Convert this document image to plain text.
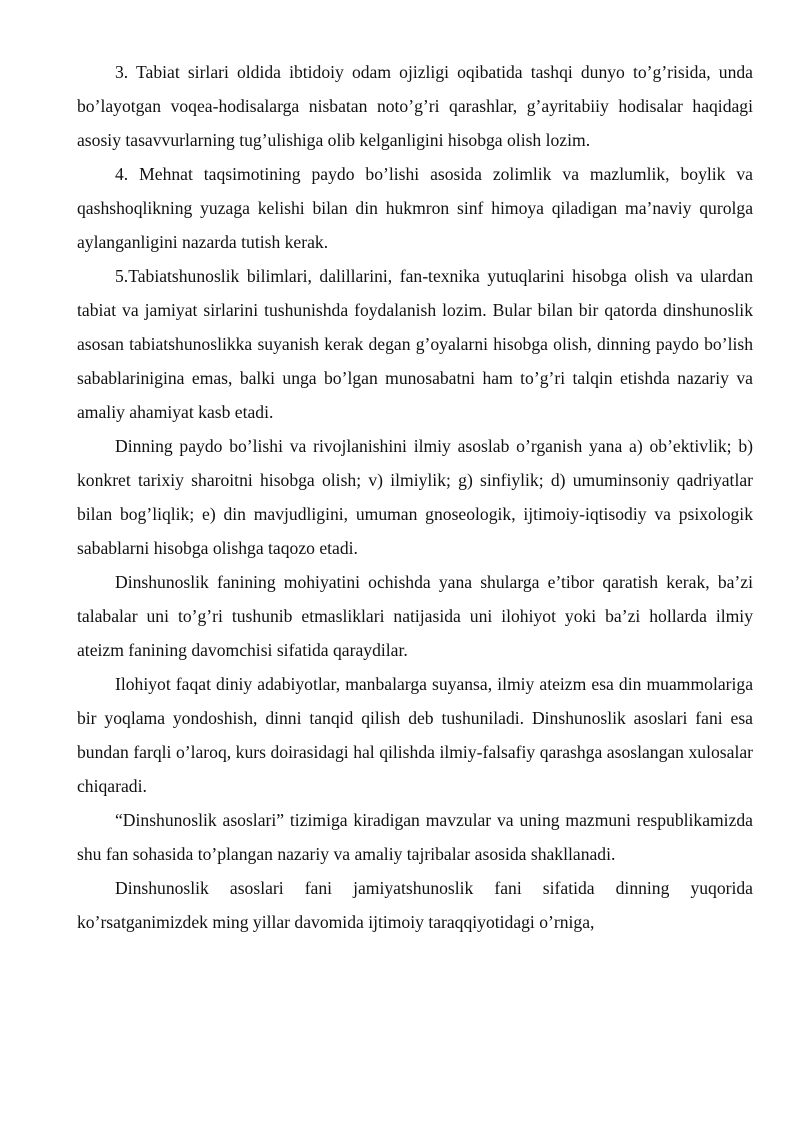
3. Tabiat sirlari oldida ibtidoiy odam ojizligi oqibatida tashqi dunyo to’g’risida, unda bo’layotgan voqea-hodisalarga nisbatan noto’g’ri qarashlar, g’ayritabiiy hodisalar haqidagi asosiy tasavvurlarning tug’ulishiga olib kelganligini hisobga olish lozim.

4. Mehnat taqsimotining paydo bo’lishi asosida zolimlik va mazlumlik, boylik va qashshoqlikning yuzaga kelishi bilan din hukmron sinf himoya qiladigan ma’naviy qurolga aylanganligini nazarda tutish kerak.

5.Tabiatshunoslik bilimlari, dalillarini, fan-texnika yutuqlarini hisobga olish va ulardan tabiat va jamiyat sirlarini tushunishda foydalanish lozim. Bular bilan bir qatorda dinshunoslik asosan tabiatshunoslikka suyanish kerak degan g’oyalarni hisobga olish, dinning paydo bo’lish sabablarinigina emas, balki unga bo’lgan munosabatni ham to’g’ri talqin etishda nazariy va amaliy ahamiyat kasb etadi.

Dinning paydo bo’lishi va rivojlanishini ilmiy asoslab o’rganish yana a) ob’ektivlik; b) konkret tarixiy sharoitni hisobga olish; v) ilmiylik; g) sinfiylik; d) umuminsoniy qadriyatlar bilan bog’liqlik; e) din mavjudligini, umuman gnoseologik, ijtimoiy-iqtisodiy va psixologik sabablarni hisobga olishga taqozo etadi.

Dinshunoslik fanining mohiyatini ochishda yana shularga e’tibor qaratish kerak, ba’zi talabalar uni to’g’ri tushunib etmasliklari natijasida uni ilohiyot yoki ba’zi hollarda ilmiy ateizm fanining davomchisi sifatida qaraydilar.

Ilohiyot faqat diniy adabiyotlar, manbalarga suyansa, ilmiy ateizm esa din muammolariga bir yoqlama yondoshish, dinni tanqid qilish deb tushuniladi. Dinshunoslik asoslari fani esa bundan farqli o’laroq, kurs doirasidagi hal qilishda ilmiy-falsafiy qarashga asoslangan xulosalar chiqaradi.

“Dinshunoslik asoslari” tizimiga kiradigan mavzular va uning mazmuni respublikamizda shu fan sohasida to’plangan nazariy va amaliy tajribalar asosida shakllanadi.

Dinshunoslik asoslari fani jamiyatshunoslik fani sifatida dinning yuqorida ko’rsatganimizdek ming yillar davomida ijtimoiy taraqqiyotidagi o’rniga,
